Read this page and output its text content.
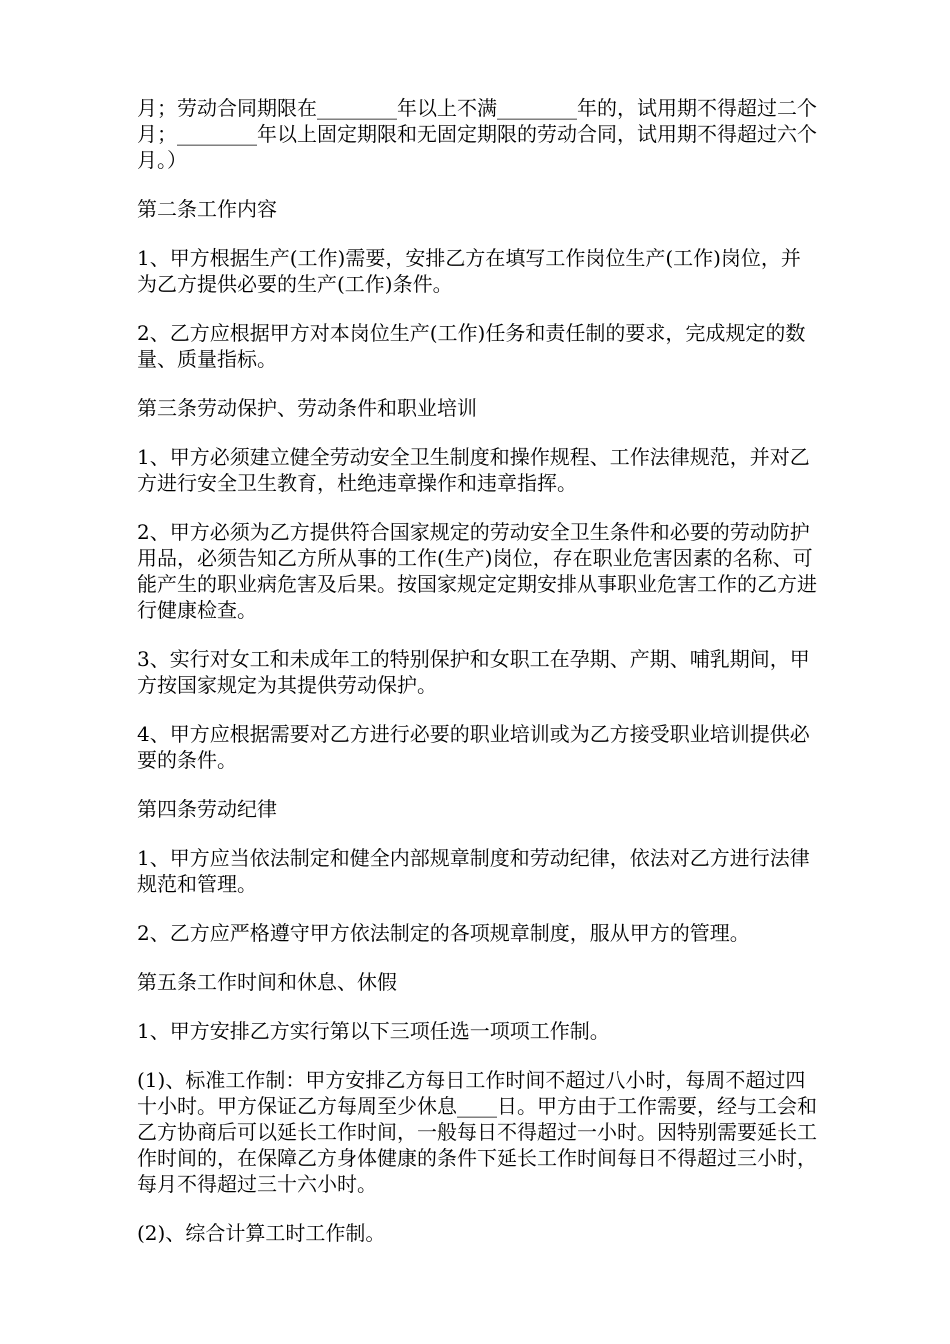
月；劳动合同期限在________年以上不满________年的，试用期不得超过二个月；________年以上固定期限和无固定期限的劳动合同，试用期不得超过六个月。）

第二条工作内容

1、甲方根据生产(工作)需要，安排乙方在填写工作岗位生产(工作)岗位，并为乙方提供必要的生产(工作)条件。

2、乙方应根据甲方对本岗位生产(工作)任务和责任制的要求，完成规定的数量、质量指标。

第三条劳动保护、劳动条件和职业培训

1、甲方必须建立健全劳动安全卫生制度和操作规程、工作法律规范，并对乙方进行安全卫生教育，杜绝违章操作和违章指挥。

2、甲方必须为乙方提供符合国家规定的劳动安全卫生条件和必要的劳动防护用品，必须告知乙方所从事的工作(生产)岗位，存在职业危害因素的名称、可能产生的职业病危害及后果。按国家规定定期安排从事职业危害工作的乙方进行健康检查。

3、实行对女工和未成年工的特别保护和女职工在孕期、产期、哺乳期间，甲方按国家规定为其提供劳动保护。

4、甲方应根据需要对乙方进行必要的职业培训或为乙方接受职业培训提供必要的条件。

第四条劳动纪律

1、甲方应当依法制定和健全内部规章制度和劳动纪律，依法对乙方进行法律规范和管理。

2、乙方应严格遵守甲方依法制定的各项规章制度，服从甲方的管理。

第五条工作时间和休息、休假

1、甲方安排乙方实行第以下三项任选一项项工作制。

(1)、标准工作制：甲方安排乙方每日工作时间不超过八小时，每周不超过四十小时。甲方保证乙方每周至少休息____日。甲方由于工作需要，经与工会和乙方协商后可以延长工作时间，一般每日不得超过一小时。因特别需要延长工作时间的，在保障乙方身体健康的条件下延长工作时间每日不得超过三小时，每月不得超过三十六小时。

(2)、综合计算工时工作制。
